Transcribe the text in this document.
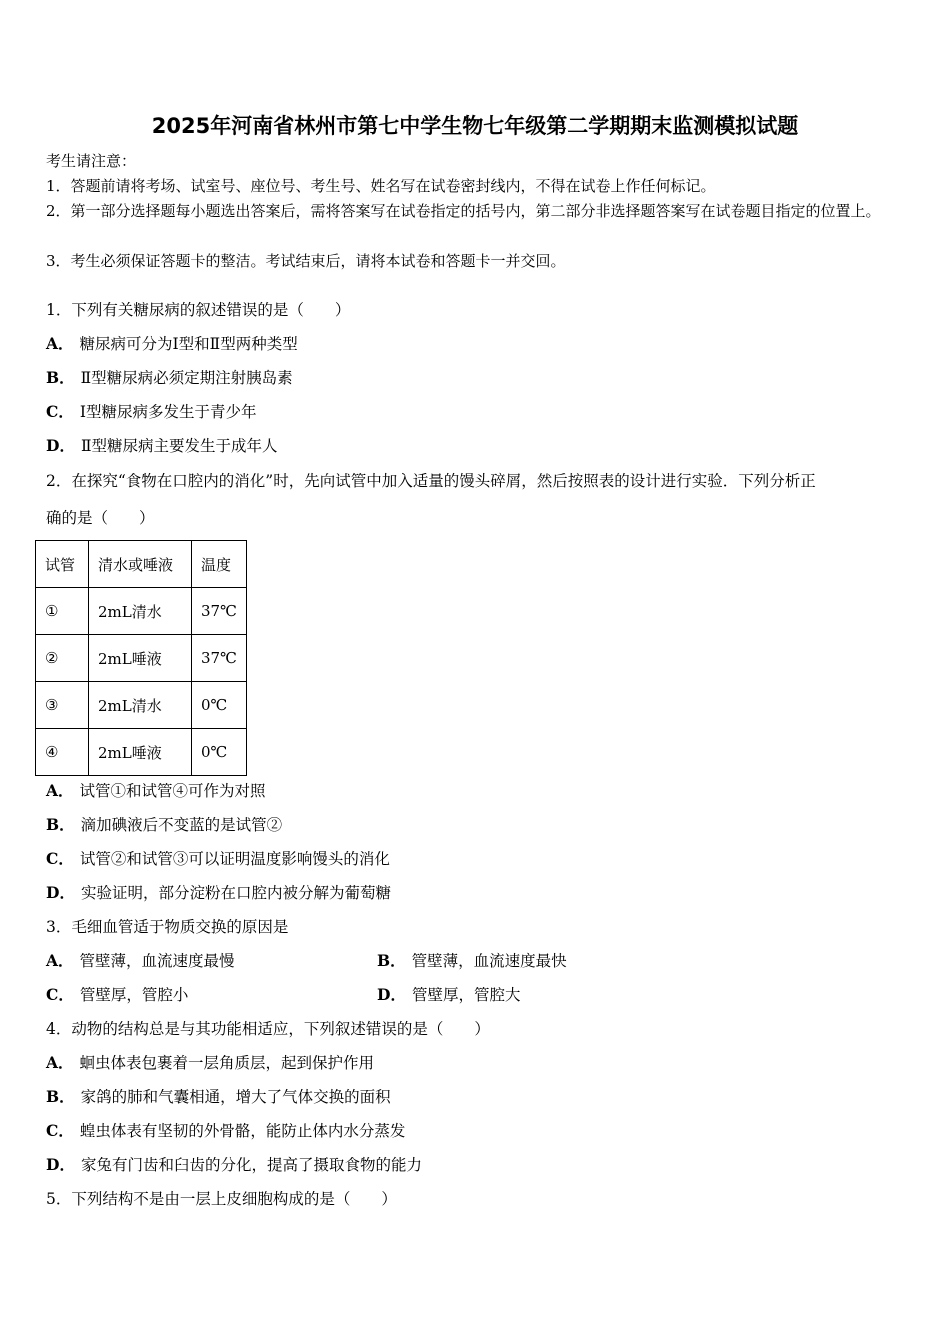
2025年河南省林州市第七中学生物七年级第二学期期末监测模拟试题
考生请注意：
1．答题前请将考场、试室号、座位号、考生号、姓名写在试卷密封线内，不得在试卷上作任何标记。
2．第一部分选择题每小题选出答案后，需将答案写在试卷指定的括号内，第二部分非选择题答案写在试卷题目指定的位置上。
3．考生必须保证答题卡的整洁。考试结束后，请将本试卷和答题卡一并交回。
1．下列有关糖尿病的叙述错误的是（　　）
A． 糖尿病可分为Ⅰ型和Ⅱ型两种类型
B． Ⅱ型糖尿病必须定期注射胰岛素
C． Ⅰ型糖尿病多发生于青少年
D． Ⅱ型糖尿病主要发生于成年人
2．在探究“食物在口腔内的消化”时，先向试管中加入适量的馒头碎屑，然后按照表的设计进行实验．下列分析正
确的是（　　）
试管	清水或唾液	温度
①	2mL清水	37℃
②	2mL唾液	37℃
③	2mL清水	0℃
④	2mL唾液	0℃
A． 试管①和试管④可作为对照
B． 滴加碘液后不变蓝的是试管②
C． 试管②和试管③可以证明温度影响馒头的消化
D． 实验证明，部分淀粉在口腔内被分解为葡萄糖
3．毛细血管适于物质交换的原因是
A． 管壁薄，血流速度最慢	B． 管壁薄，血流速度最快
C． 管壁厚，管腔小	D． 管壁厚，管腔大
4．动物的结构总是与其功能相适应，下列叙述错误的是（　　）
A． 蛔虫体表包裹着一层角质层，起到保护作用
B． 家鸽的肺和气囊相通，增大了气体交换的面积
C． 蝗虫体表有坚韧的外骨骼，能防止体内水分蒸发
D． 家兔有门齿和臼齿的分化，提高了摄取食物的能力
5．下列结构不是由一层上皮细胞构成的是（　　）
